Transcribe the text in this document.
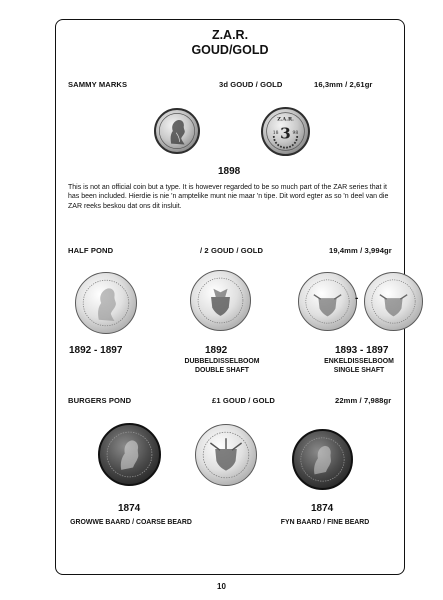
Z.A.R.
GOUD/GOLD
SAMMY MARKS	3d GOUD / GOLD	16,3mm / 2,61gr
Z.A.R.
18	98
3
1898
This is not an official coin but a type. It is however regarded to be so much part of the ZAR series that it has been included. Hierdie is nie 'n amptelike munt nie maar 'n tipe. Dit word egter as so 'n deel van die ZAR reeks beskou dat ons dit insluit.
HALF POND	/ 2 GOUD / GOLD	19,4mm / 3,994gr
-
1892 - 1897	1892
DUBBELDISSELBOOM
DOUBLE SHAFT
1893 - 1897
ENKELDISSELBOOM
SINGLE SHAFT
BURGERS POND	£1 GOUD / GOLD	22mm / 7,988gr
1874
GROWWE BAARD / COARSE BEARD
1874
FYN BAARD / FINE BEARD
10
